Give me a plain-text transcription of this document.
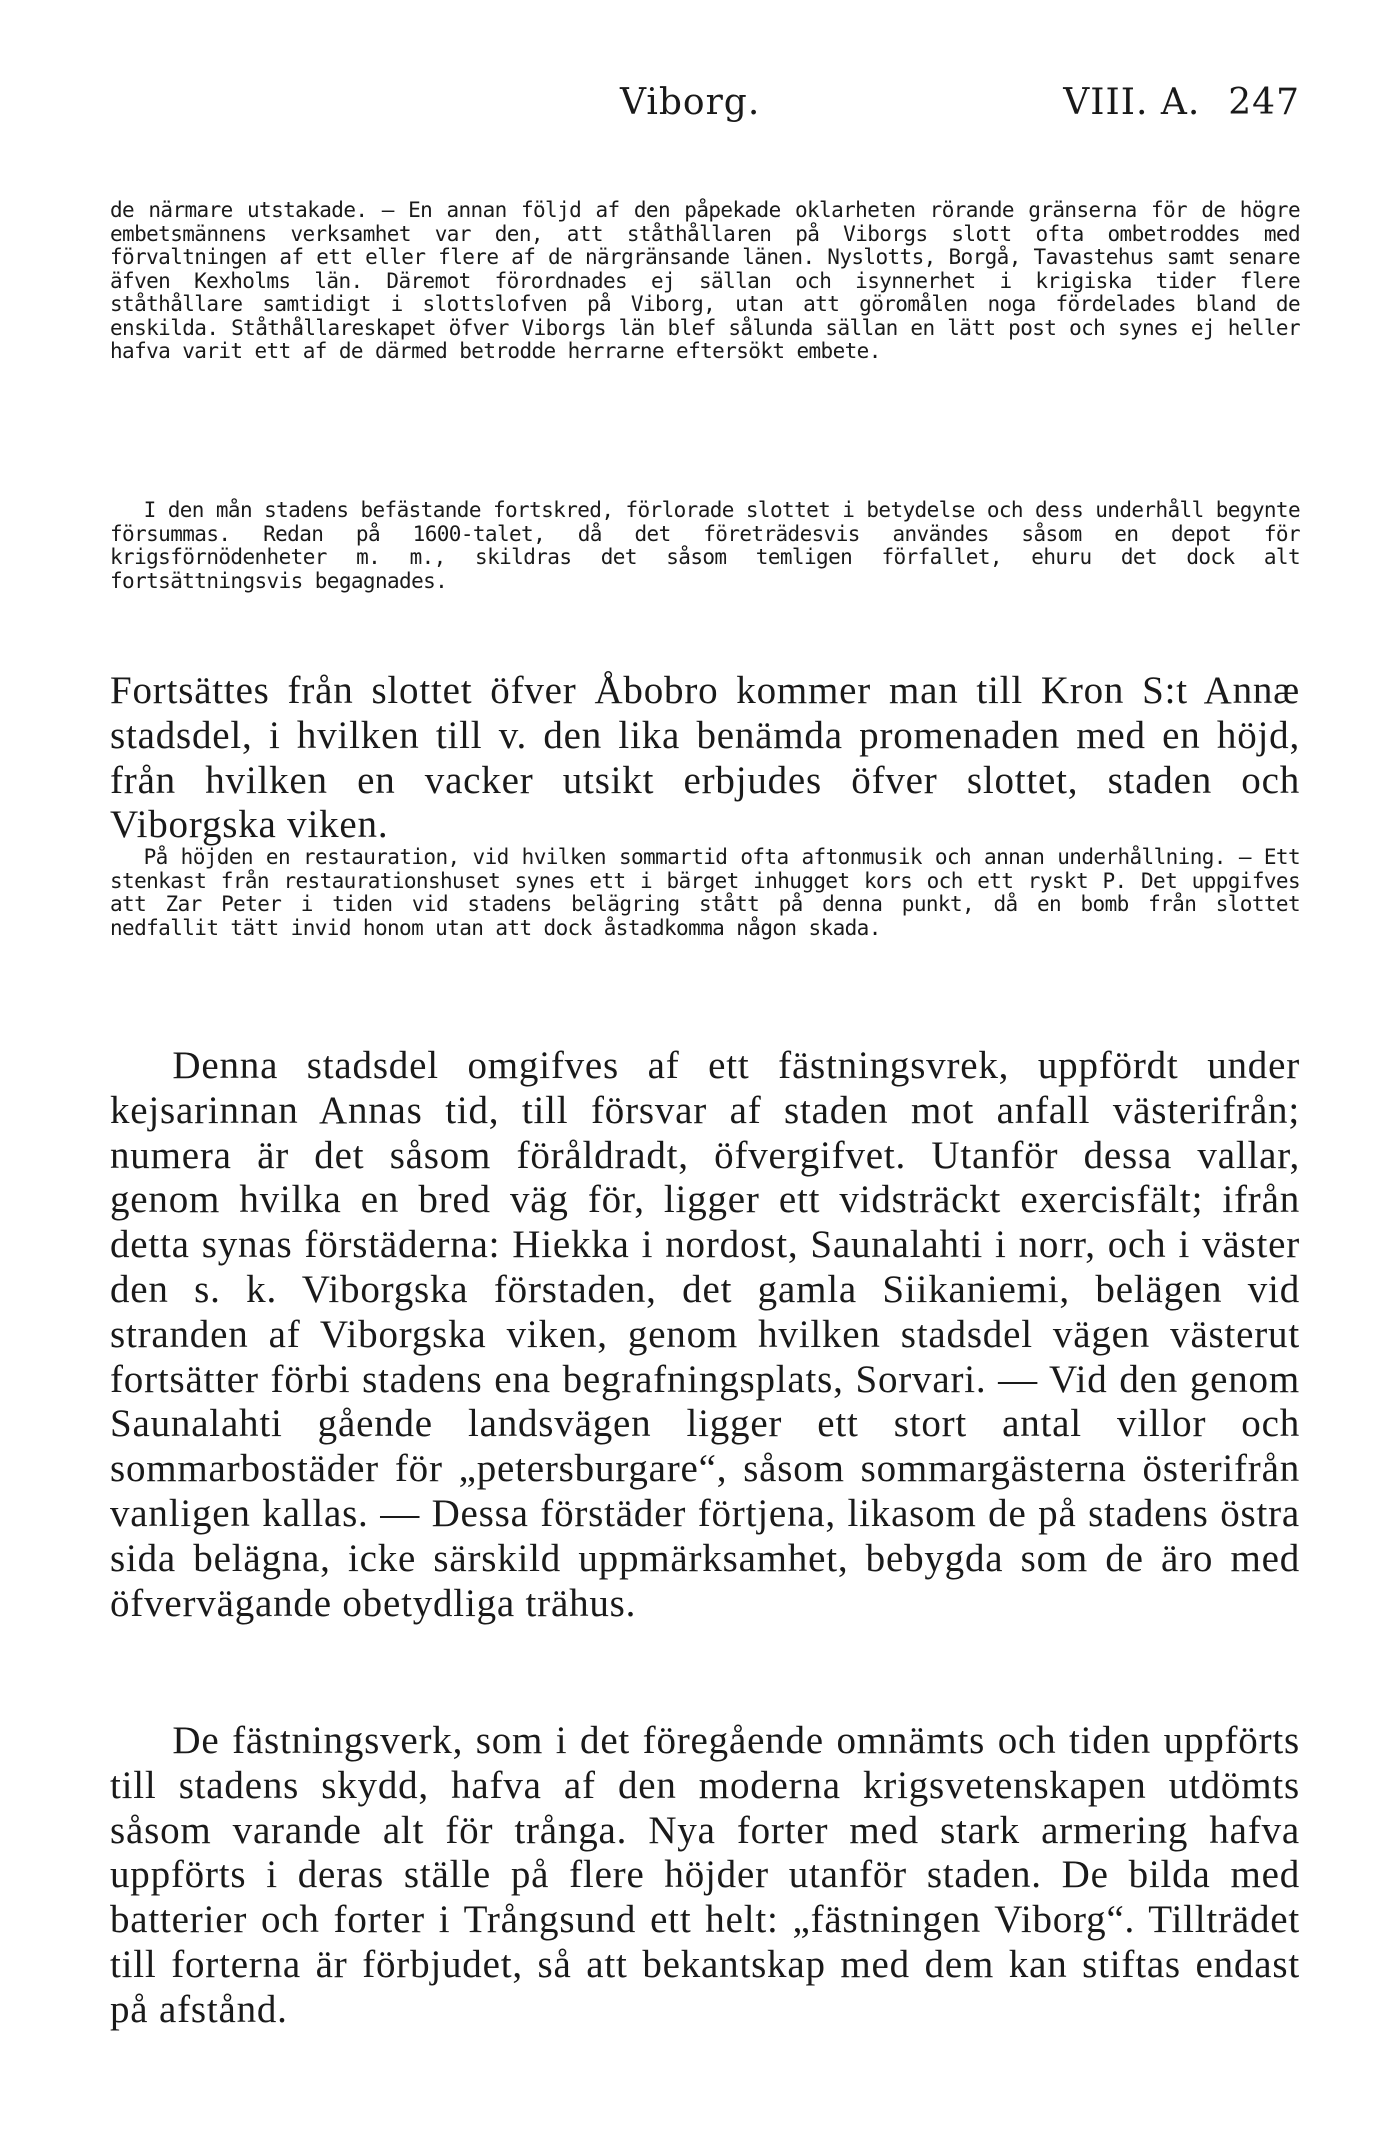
Viborg.	VIII. A. 247

de närmare utstakade. — En annan följd af den påpekade oklarheten rörande gränserna för de högre embetsmännens verksamhet var den, att ståthållaren på Viborgs slott ofta ombetroddes med förvaltningen af ett eller flere af de närgränsande länen. Nyslotts, Borgå, Tavastehus samt senare äfven Kexholms län. Däremot förordnades ej sällan och isynnerhet i krigiska tider flere ståthållare samtidigt i slottslofven på Viborg, utan att göromålen noga fördelades bland de enskilda. Ståthållareskapet öfver Viborgs län blef sålunda sällan en lätt post och synes ej heller hafva varit ett af de därmed betrodde herrarne eftersökt embete.

I den mån stadens befästande fortskred, förlorade slottet i betydelse och dess underhåll begynte försummas. Redan på 1600-talet, då det företrädesvis användes såsom en depot för krigsförnödenheter m. m., skildras det såsom temligen förfallet, ehuru det dock alt fortsättningsvis begagnades.

Fortsättes från slottet öfver Åbobro kommer man till Kron S:t Annæ stadsdel, i hvilken till v. den lika benämda promenaden med en höjd, från hvilken en vacker utsikt erbjudes öfver slottet, staden och Viborgska viken.

På höjden en restauration, vid hvilken sommartid ofta aftonmusik och annan underhållning. — Ett stenkast från restaurationshuset synes ett i bärget inhugget kors och ett ryskt P. Det uppgifves att Zar Peter i tiden vid stadens belägring stått på denna punkt, då en bomb från slottet nedfallit tätt invid honom utan att dock åstadkomma någon skada.

Denna stadsdel omgifves af ett fästningsvrek, uppfördt under kejsarinnan Annas tid, till försvar af staden mot anfall västerifrån; numera är det såsom föråldradt, öfvergifvet. Utanför dessa vallar, genom hvilka en bred väg för, ligger ett vidsträckt exercisfält; ifrån detta synas förstäderna: Hiekka i nordost, Saunalahti i norr, och i väster den s. k. Viborgska förstaden, det gamla Siikaniemi, belägen vid stranden af Viborgska viken, genom hvilken stadsdel vägen västerut fortsätter förbi stadens ena begrafningsplats, Sorvari. — Vid den genom Saunalahti gående landsvägen ligger ett stort antal villor och sommarbostäder för „petersburgare“, såsom sommargästerna österifrån vanligen kallas. — Dessa förstäder förtjena, likasom de på stadens östra sida belägna, icke särskild uppmärksamhet, bebygda som de äro med öfvervägande obetydliga trähus.

De fästningsverk, som i det föregående omnämts och tiden uppförts till stadens skydd, hafva af den moderna krigsvetenskapen utdömts såsom varande alt för trånga. Nya forter med stark armering hafva uppförts i deras ställe på flere höjder utanför staden. De bilda med batterier och forter i Trångsund ett helt: „fästningen Viborg“. Tillträdet till forterna är förbjudet, så att bekantskap med dem kan stiftas endast på afstånd.
